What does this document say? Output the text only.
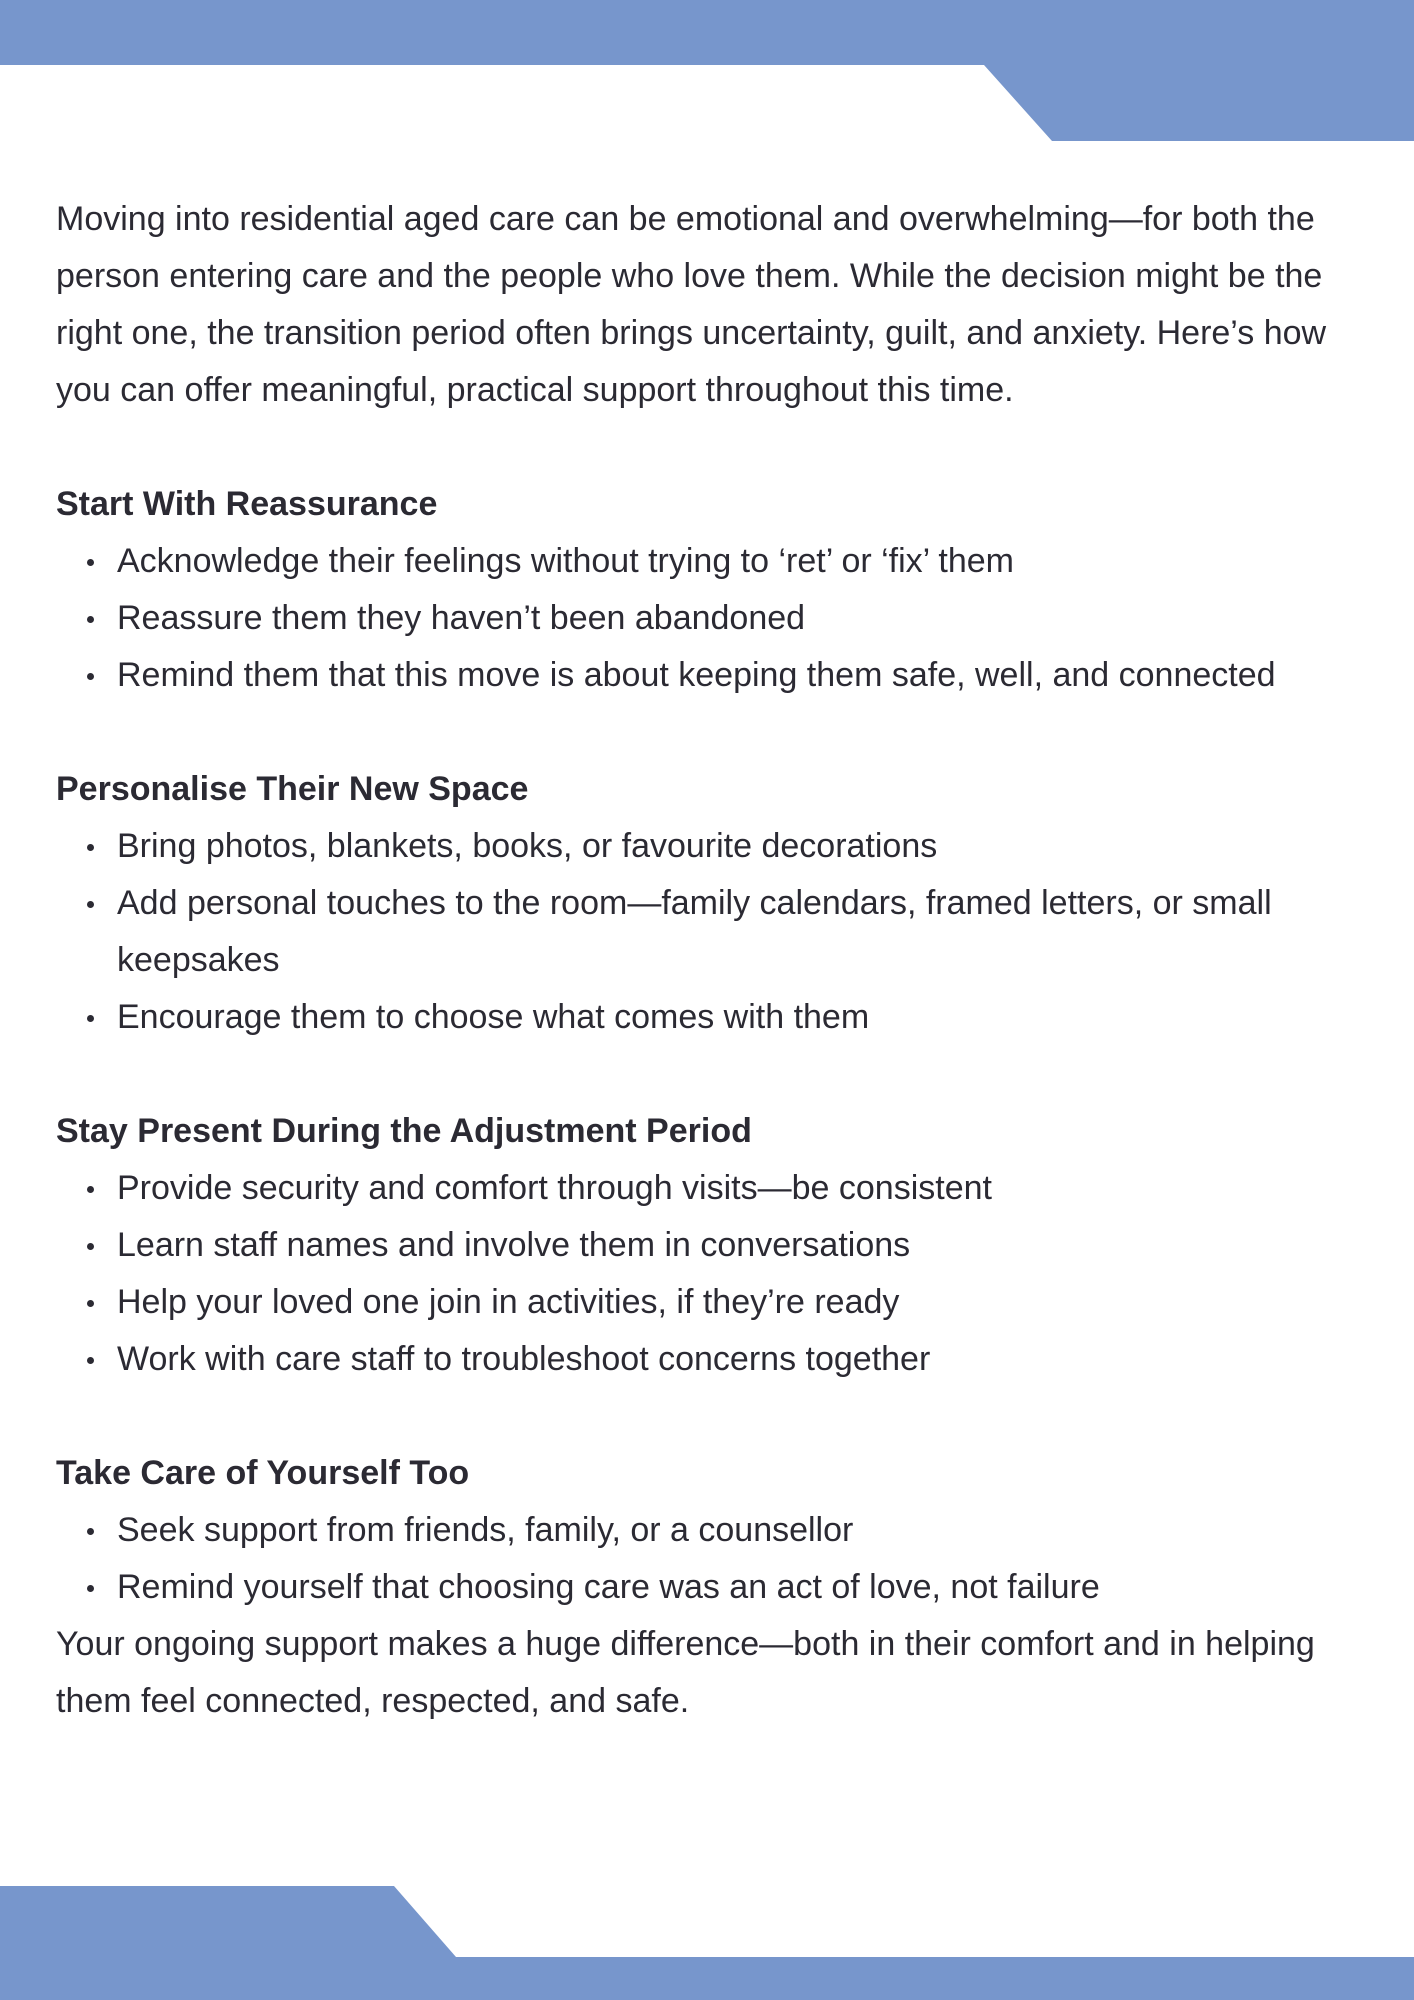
Moving into residential aged care can be emotional and overwhelming—for both the person entering care and the people who love them. While the decision might be the right one, the transition period often brings uncertainty, guilt, and anxiety. Here’s how you can offer meaningful, practical support throughout this time.

Start With Reassurance
Acknowledge their feelings without trying to ‘ret’ or ‘fix’ them
Reassure them they haven’t been abandoned
Remind them that this move is about keeping them safe, well, and connected
Personalise Their New Space
Bring photos, blankets, books, or favourite decorations
Add personal touches to the room—family calendars, framed letters, or small keepsakes
Encourage them to choose what comes with them
Stay Present During the Adjustment Period
Provide security and comfort through visits—be consistent
Learn staff names and involve them in conversations
Help your loved one join in activities, if they’re ready
Work with care staff to troubleshoot concerns together
Take Care of Yourself Too
Seek support from friends, family, or a counsellor
Remind yourself that choosing care was an act of love, not failure

Your ongoing support makes a huge difference—both in their comfort and in helping them feel connected, respected, and safe.
